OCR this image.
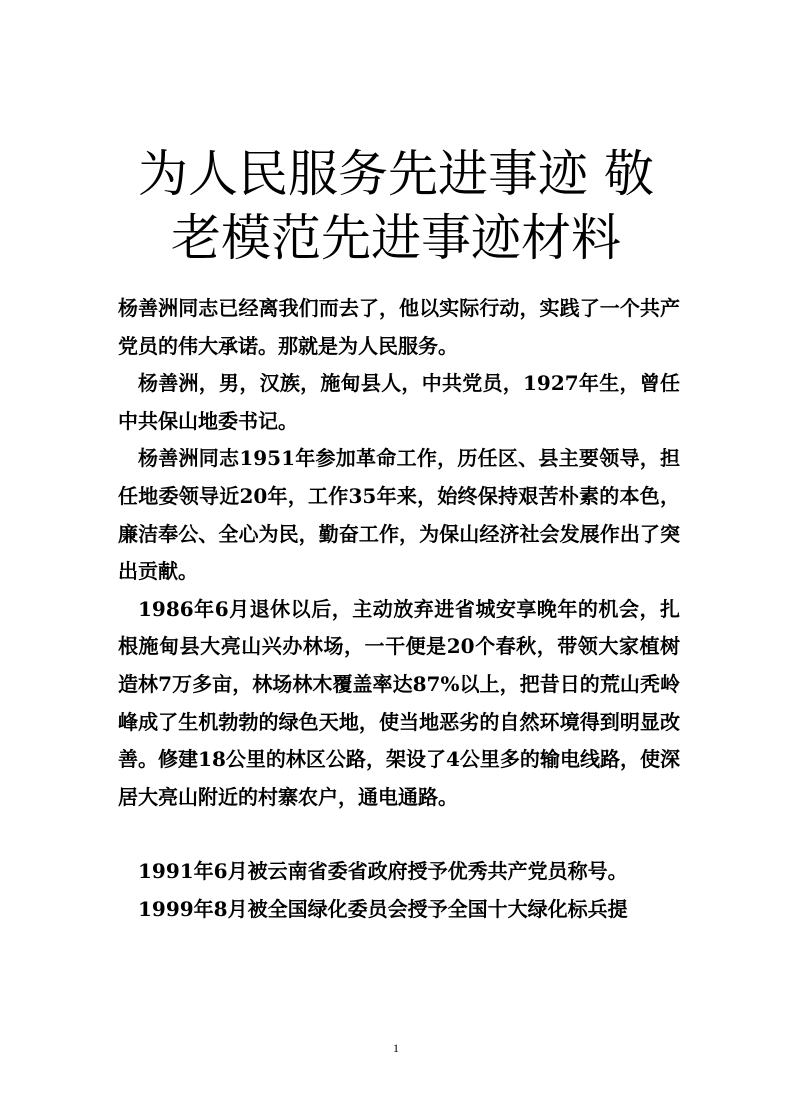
为人民服务先进事迹 敬
老模范先进事迹材料

杨善洲同志已经离我们而去了，他以实际行动，实践了一个共产党员的伟大承诺。那就是为人民服务。

杨善洲，男，汉族，施甸县人，中共党员，1927年生，曾任中共保山地委书记。

杨善洲同志1951年参加革命工作，历任区、县主要领导，担任地委领导近20年，工作35年来，始终保持艰苦朴素的本色，廉洁奉公、全心为民，勤奋工作，为保山经济社会发展作出了突出贡献。

1986年6月退休以后，主动放弃进省城安享晚年的机会，扎根施甸县大亮山兴办林场，一干便是20个春秋，带领大家植树造林7万多亩，林场林木覆盖率达87%以上，把昔日的荒山秃岭峰成了生机勃勃的绿色天地，使当地恶劣的自然环境得到明显改善。修建18公里的林区公路，架设了4公里多的输电线路，使深居大亮山附近的村寨农户，通电通路。

1991年6月被云南省委省政府授予优秀共产党员称号。

1999年8月被全国绿化委员会授予全国十大绿化标兵提

1
